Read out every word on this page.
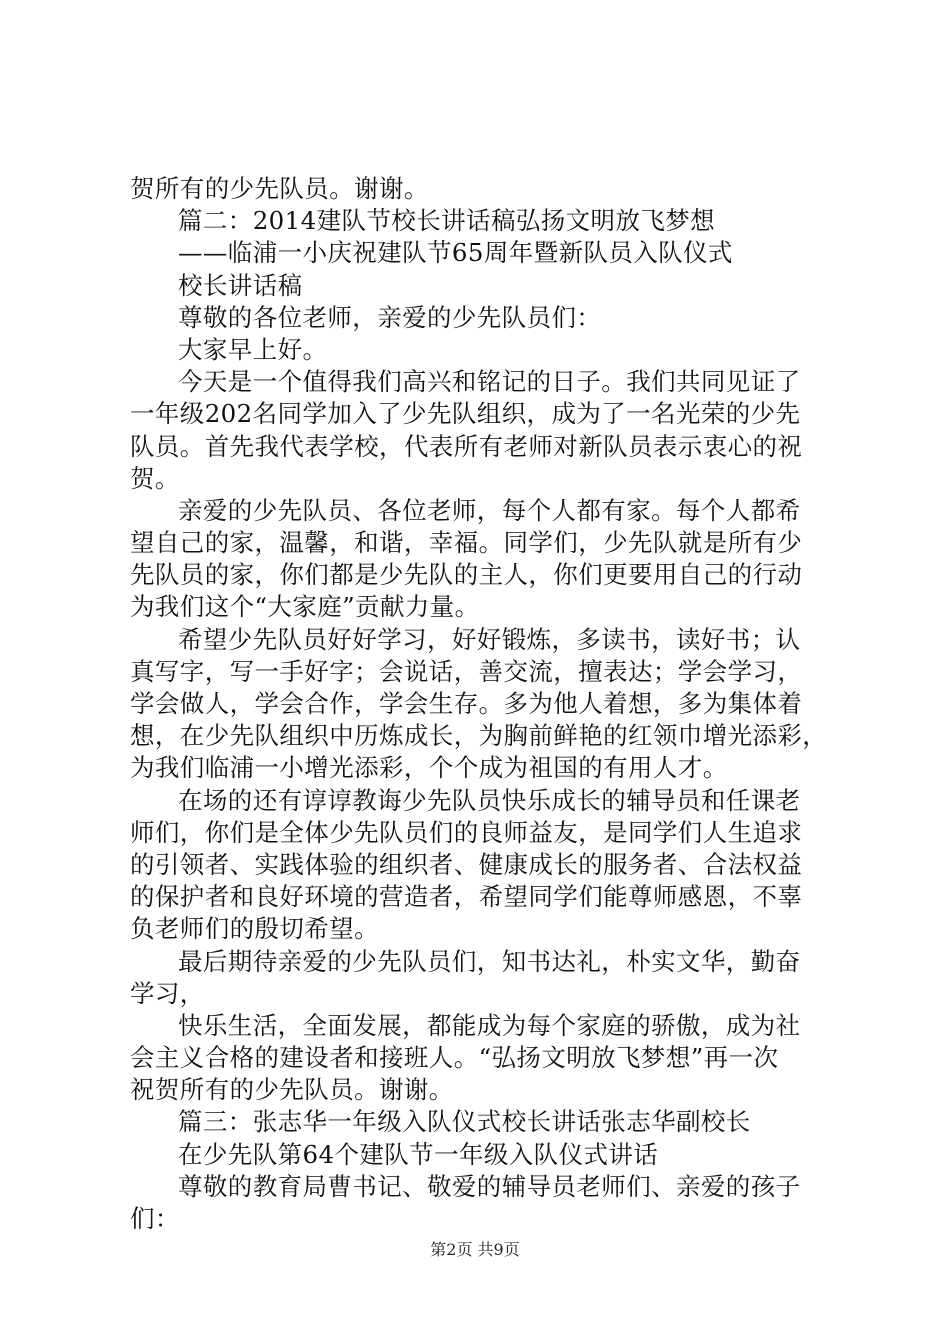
贺所有的少先队员。谢谢。
篇二：2014建队节校长讲话稿弘扬文明放飞梦想
——临浦一小庆祝建队节65周年暨新队员入队仪式
校长讲话稿
尊敬的各位老师，亲爱的少先队员们：
大家早上好。
今天是一个值得我们高兴和铭记的日子。我们共同见证了
一年级202名同学加入了少先队组织，成为了一名光荣的少先
队员。首先我代表学校，代表所有老师对新队员表示衷心的祝
贺。
亲爱的少先队员、各位老师，每个人都有家。每个人都希
望自己的家，温馨，和谐，幸福。同学们，少先队就是所有少
先队员的家，你们都是少先队的主人，你们更要用自己的行动
为我们这个“大家庭”贡献力量。
希望少先队员好好学习，好好锻炼，多读书，读好书；认
真写字，写一手好字；会说话，善交流，擅表达；学会学习，
学会做人，学会合作，学会生存。多为他人着想，多为集体着
想，在少先队组织中历炼成长，为胸前鲜艳的红领巾增光添彩，
为我们临浦一小增光添彩，个个成为祖国的有用人才。
在场的还有谆谆教诲少先队员快乐成长的辅导员和任课老
师们，你们是全体少先队员们的良师益友，是同学们人生追求
的引领者、实践体验的组织者、健康成长的服务者、合法权益
的保护者和良好环境的营造者，希望同学们能尊师感恩，不辜
负老师们的殷切希望。
最后期待亲爱的少先队员们，知书达礼，朴实文华，勤奋
学习，
快乐生活，全面发展，都能成为每个家庭的骄傲，成为社
会主义合格的建设者和接班人。“弘扬文明放飞梦想”再一次
祝贺所有的少先队员。谢谢。
篇三：张志华一年级入队仪式校长讲话张志华副校长
在少先队第64个建队节一年级入队仪式讲话
尊敬的教育局曹书记、敬爱的辅导员老师们、亲爱的孩子
们：
第2页 共9页
